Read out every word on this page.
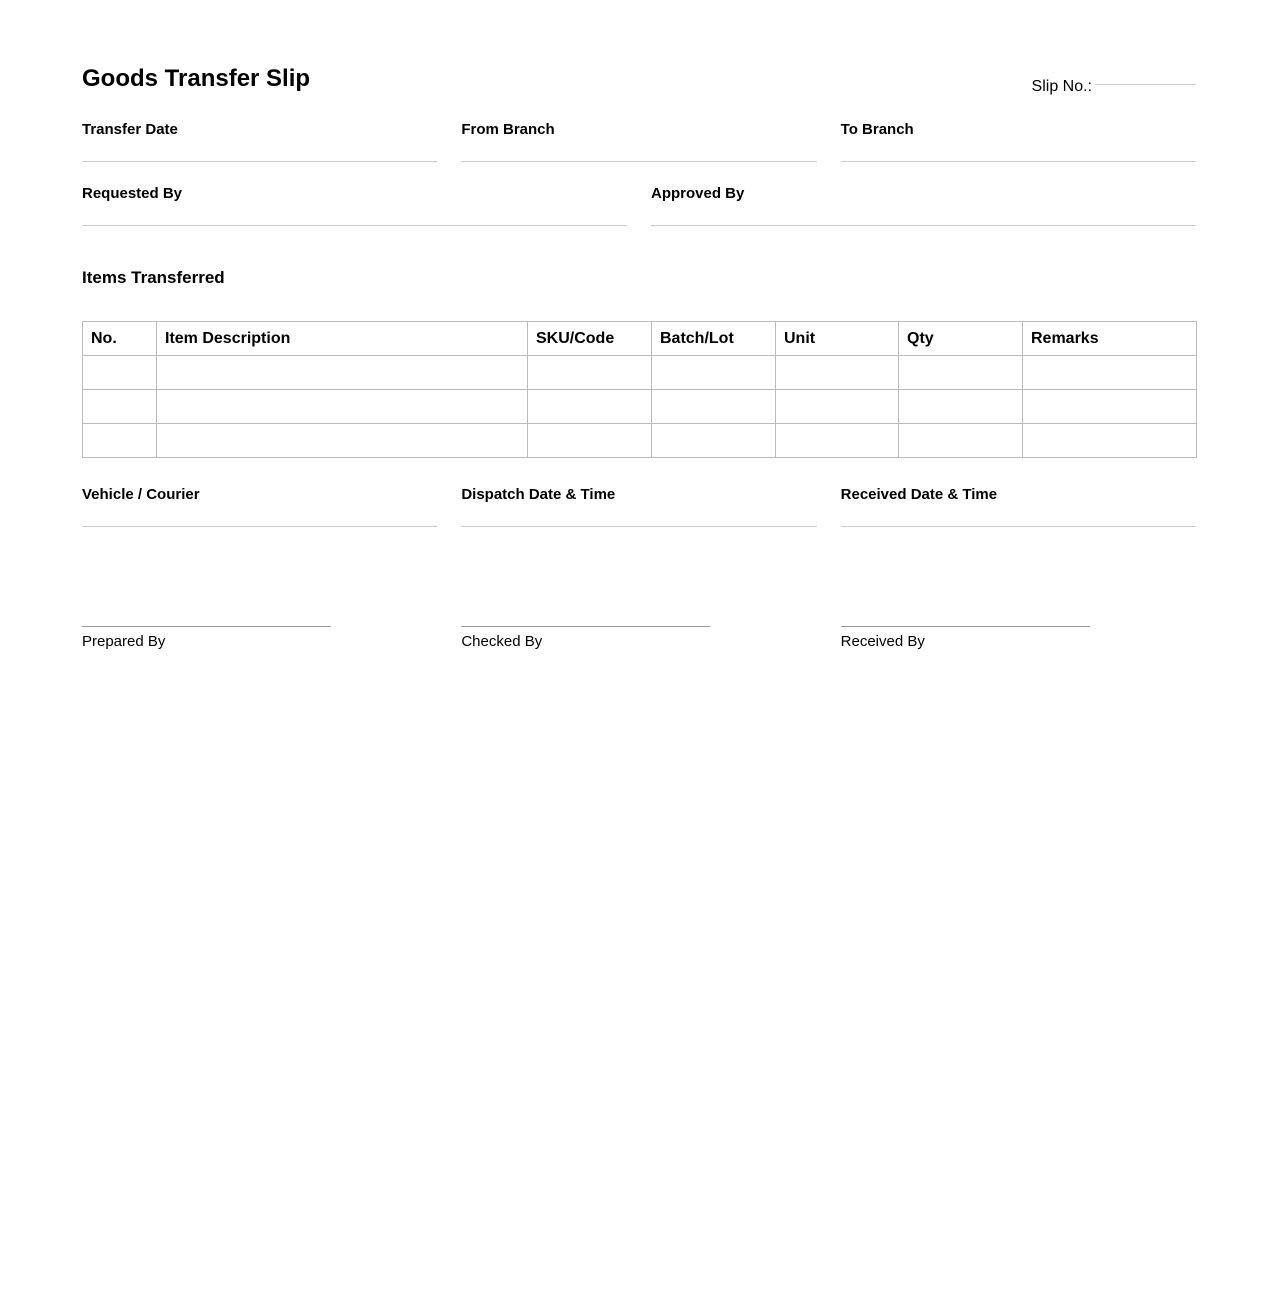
Goods Transfer Slip	Slip No.:
Transfer Date	From Branch	To Branch
Requested By	Approved By
Items Transferred
No.	Item Description	SKU/Code	Batch/Lot	Unit	Qty	Remarks

Vehicle / Courier	Dispatch Date & Time	Received Date & Time
Prepared By	Checked By	Received By
